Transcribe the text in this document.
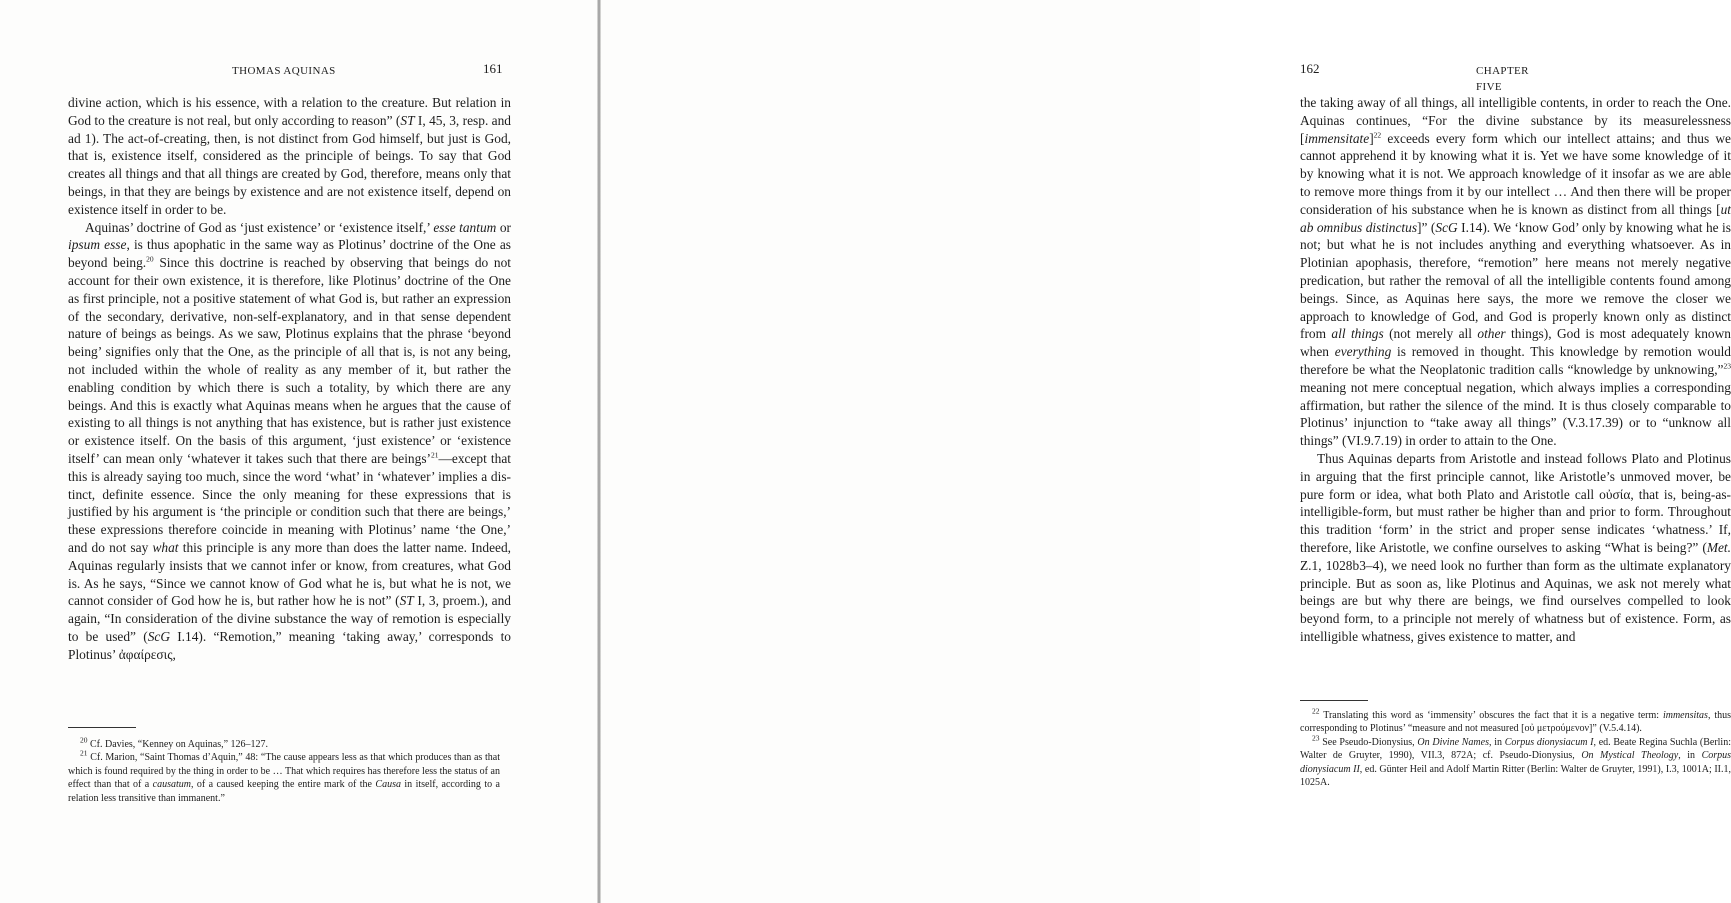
THOMAS AQUINAS	161

divine action, which is his essence, with a relation to the creature. But relation in God to the creature is not real, but only according to reason” (ST I, 45, 3, resp. and ad 1). The act-of-creating, then, is not distinct from God himself, but just is God, that is, existence itself, considered as the principle of beings. To say that God creates all things and that all things are created by God, therefore, means only that beings, in that they are beings by existence and are not existence itself, depend on existence itself in order to be.

Aquinas’ doctrine of God as ‘just existence’ or ‘existence itself,’ esse tantum or ipsum esse, is thus apophatic in the same way as Plotinus’ doctrine of the One as beyond being.$^{20}$ Since this doctrine is reached by observing that beings do not account for their own existence, it is therefore, like Plotinus’ doctrine of the One as first principle, not a positive statement of what God is, but rather an expression of the secondary, derivative, non-self-explanatory, and in that sense dependent nature of beings as beings. As we saw, Plotinus explains that the phrase ‘beyond being’ signifies only that the One, as the principle of all that is, is not any being, not included within the whole of reality as any member of it, but rather the enabling condition by which there is such a totality, by which there are any beings. And this is exactly what Aquinas means when he argues that the cause of existing to all things is not anything that has existence, but is rather just existence or existence itself. On the basis of this argument, ‘just existence’ or ‘existence itself’ can mean only ‘whatever it takes such that there are beings’$^{21}$—except that this is already saying too much, since the word ‘what’ in ‘whatever’ implies a distinct, definite essence. Since the only meaning for these expressions that is justified by his argument is ‘the principle or condition such that there are beings,’ these expressions therefore coincide in meaning with Plotinus’ name ‘the One,’ and do not say what this principle is any more than does the latter name. Indeed, Aquinas regularly insists that we cannot infer or know, from creatures, what God is. As he says, “Since we cannot know of God what he is, but what he is not, we cannot consider of God how he is, but rather how he is not” (ST I, 3, proem.), and again, “In consideration of the divine substance the way of remotion is especially to be used” (ScG I.14). “Remotion,” meaning ‘taking away,’ corresponds to Plotinus’ ἀφαίρεσις,

$^{20}$ Cf. Davies, “Kenney on Aquinas,” 126–127.

$^{21}$ Cf. Marion, “Saint Thomas d’Aquin,” 48: “The cause appears less as that which produces than as that which is found required by the thing in order to be … That which requires has therefore less the status of an effect than that of a causatum, of a caused keeping the entire mark of the Causa in itself, according to a relation less transitive than immanent.”

162	CHAPTER FIVE

the taking away of all things, all intelligible contents, in order to reach the One. Aquinas continues, “For the divine substance by its measurelessness [immensitate]$^{22}$ exceeds every form which our intellect attains; and thus we cannot apprehend it by knowing what it is. Yet we have some knowledge of it by knowing what it is not. We approach knowledge of it insofar as we are able to remove more things from it by our intellect … And then there will be proper consideration of his substance when he is known as distinct from all things [ut ab omnibus distinctus]” (ScG I.14). We ‘know God’ only by knowing what he is not; but what he is not includes anything and everything whatsoever. As in Plotinian apophasis, therefore, “remotion” here means not merely negative predication, but rather the removal of all the intelligible contents found among beings. Since, as Aquinas here says, the more we remove the closer we approach to knowledge of God, and God is properly known only as distinct from all things (not merely all other things), God is most adequately known when everything is removed in thought. This knowledge by remotion would therefore be what the Neoplatonic tradition calls “knowledge by unknowing,”$^{23}$ meaning not mere conceptual negation, which always implies a corresponding affirmation, but rather the silence of the mind. It is thus closely comparable to Plotinus’ injunction to “take away all things” (V.3.17.39) or to “unknow all things” (VI.9.7.19) in order to attain to the One.

Thus Aquinas departs from Aristotle and instead follows Plato and Plotinus in arguing that the first principle cannot, like Aristotle’s unmoved mover, be pure form or idea, what both Plato and Aristotle call οὐσία, that is, being-as-intelligible-form, but must rather be higher than and prior to form. Throughout this tradition ‘form’ in the strict and proper sense indicates ‘whatness.’ If, therefore, like Aristotle, we confine ourselves to asking “What is being?” (Met. Z.1, 1028b3–4), we need look no further than form as the ultimate explanatory principle. But as soon as, like Plotinus and Aquinas, we ask not merely what beings are but why there are beings, we find ourselves compelled to look beyond form, to a principle not merely of whatness but of existence. Form, as intelligible whatness, gives existence to matter, and

$^{22}$ Translating this word as ‘immensity’ obscures the fact that it is a negative term: immensitas, thus corresponding to Plotinus’ “measure and not measured [οὐ μετρούμενον]” (V.5.4.14).

$^{23}$ See Pseudo-Dionysius, On Divine Names, in Corpus dionysiacum I, ed. Beate Regina Suchla (Berlin: Walter de Gruyter, 1990), VII.3, 872A; cf. Pseudo-Dionysius, On Mystical Theology, in Corpus dionysiacum II, ed. Günter Heil and Adolf Martin Ritter (Berlin: Walter de Gruyter, 1991), I.3, 1001A; II.1, 1025A.
